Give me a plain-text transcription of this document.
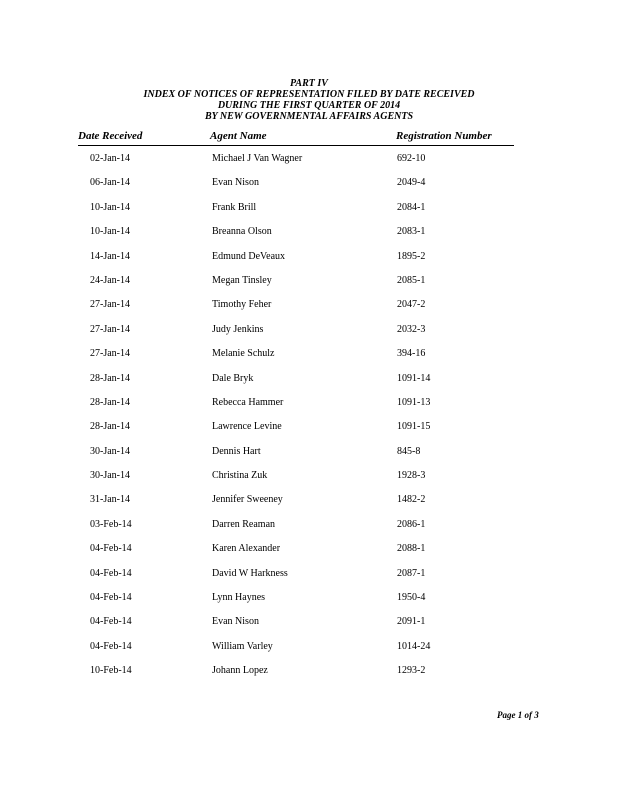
PART IV
INDEX OF NOTICES OF REPRESENTATION FILED BY DATE RECEIVED
DURING THE FIRST QUARTER OF 2014
BY NEW GOVERNMENTAL AFFAIRS AGENTS
Date Received	Agent Name	Registration Number
02-Jan-14	Michael J Van Wagner	692-10
06-Jan-14	Evan Nison	2049-4
10-Jan-14	Frank Brill	2084-1
10-Jan-14	Breanna Olson	2083-1
14-Jan-14	Edmund DeVeaux	1895-2
24-Jan-14	Megan Tinsley	2085-1
27-Jan-14	Timothy Feher	2047-2
27-Jan-14	Judy Jenkins	2032-3
27-Jan-14	Melanie Schulz	394-16
28-Jan-14	Dale Bryk	1091-14
28-Jan-14	Rebecca Hammer	1091-13
28-Jan-14	Lawrence Levine	1091-15
30-Jan-14	Dennis Hart	845-8
30-Jan-14	Christina Zuk	1928-3
31-Jan-14	Jennifer Sweeney	1482-2
03-Feb-14	Darren Reaman	2086-1
04-Feb-14	Karen Alexander	2088-1
04-Feb-14	David W Harkness	2087-1
04-Feb-14	Lynn Haynes	1950-4
04-Feb-14	Evan Nison	2091-1
04-Feb-14	William Varley	1014-24
10-Feb-14	Johann Lopez	1293-2
Page 1 of 3
